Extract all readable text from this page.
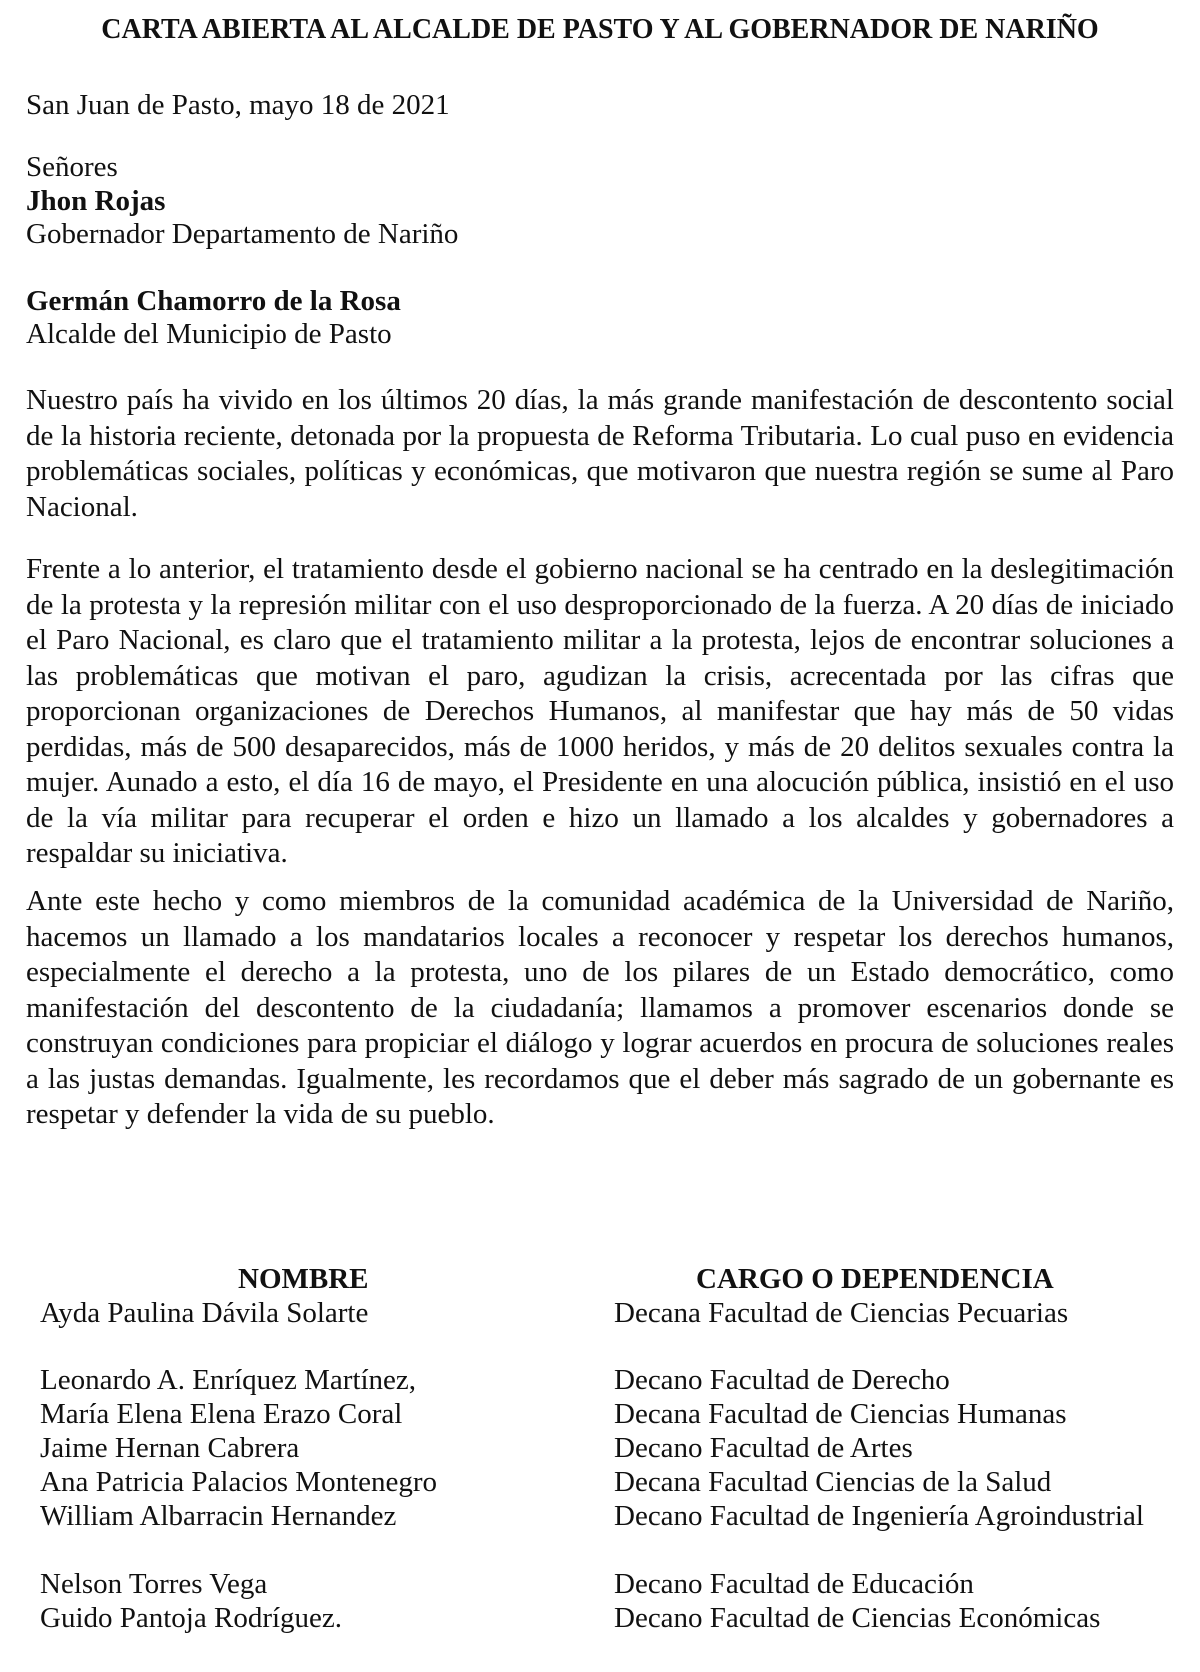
CARTA ABIERTA AL ALCALDE DE PASTO Y AL GOBERNADOR DE NARIÑO
San Juan de Pasto, mayo 18 de 2021
Señores
Jhon Rojas
Gobernador Departamento de Nariño
Germán Chamorro de la Rosa
Alcalde del Municipio de Pasto

Nuestro país ha vivido en los últimos 20 días, la más grande manifestación de descontento social de la historia reciente, detonada por la propuesta de Reforma Tributaria. Lo cual puso en evidencia problemáticas sociales, políticas y económicas, que motivaron que nuestra región se sume al Paro Nacional.

Frente a lo anterior, el tratamiento desde el gobierno nacional se ha centrado en la deslegitimación de la protesta y la represión militar con el uso desproporcionado de la fuerza. A 20 días de iniciado el Paro Nacional, es claro que el tratamiento militar a la protesta, lejos de encontrar soluciones a las problemáticas que motivan el paro, agudizan la crisis, acrecentada por las cifras que proporcionan organizaciones de Derechos Humanos, al manifestar que hay más de 50 vidas perdidas, más de 500 desaparecidos, más de 1000 heridos, y más de 20 delitos sexuales contra la mujer. Aunado a esto, el día 16 de mayo, el Presidente en una alocución pública, insistió en el uso de la vía militar para recuperar el orden e hizo un llamado a los alcaldes y gobernadores a respaldar su iniciativa.

Ante este hecho y como miembros de la comunidad académica de la Universidad de Nariño, hacemos un llamado a los mandatarios locales a reconocer y respetar los derechos humanos, especialmente el derecho a la protesta, uno de los pilares de un Estado democrático, como manifestación del descontento de la ciudadanía; llamamos a promover escenarios donde se construyan condiciones para propiciar el diálogo y lograr acuerdos en procura de soluciones reales a las justas demandas. Igualmente, les recordamos que el deber más sagrado de un gobernante es respetar y defender la vida de su pueblo.

NOMBRE	CARGO O DEPENDENCIA
Ayda Paulina Dávila Solarte	Decana Facultad de Ciencias Pecuarias
Leonardo A. Enríquez Martínez,	Decano Facultad de Derecho
María Elena Elena Erazo Coral	Decana Facultad de Ciencias Humanas
Jaime Hernan Cabrera	Decano Facultad de Artes
Ana Patricia Palacios Montenegro	Decana Facultad Ciencias de la Salud
William Albarracin Hernandez	Decano Facultad de Ingeniería Agroindustrial
Nelson Torres Vega	Decano Facultad de Educación
Guido Pantoja Rodríguez.	Decano Facultad de Ciencias Económicas
